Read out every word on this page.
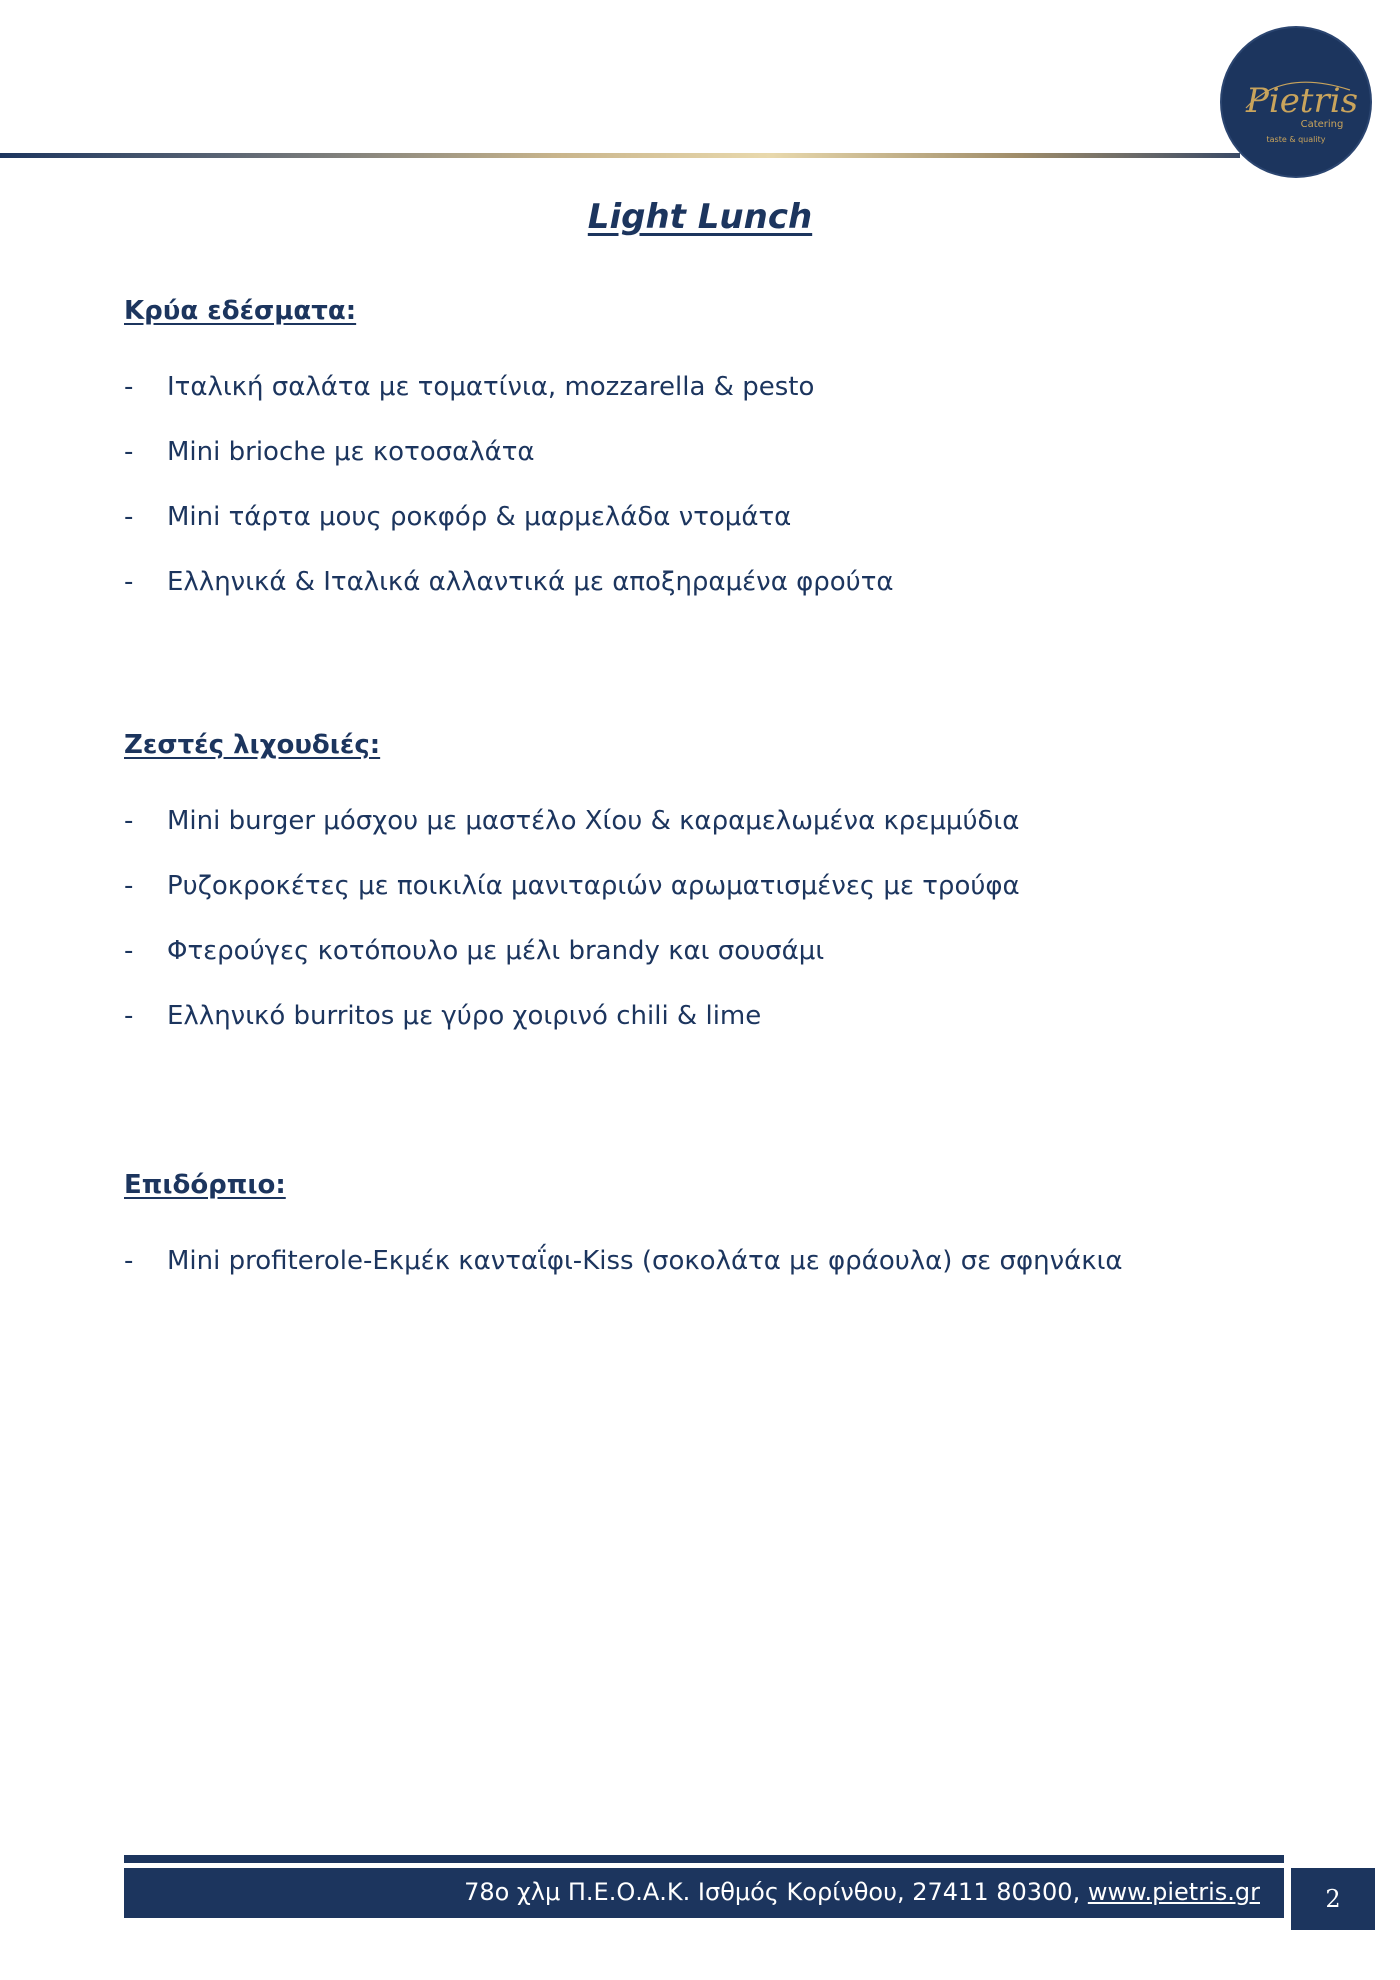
Pietris
Catering
taste & quality
Light Lunch
Κρύα εδέσματα:
- Ιταλική σαλάτα με τοματίνια, mozzarella & pesto
- Mini brioche με κοτοσαλάτα
- Mini τάρτα μους ροκφόρ & μαρμελάδα ντομάτα
- Ελληνικά & Ιταλικά αλλαντικά με αποξηραμένα φρούτα
Ζεστές λιχουδιές:
- Mini burger μόσχου με μαστέλο Χίου & καραμελωμένα κρεμμύδια
- Ρυζοκροκέτες με ποικιλία μανιταριών αρωματισμένες με τρούφα
- Φτερούγες κοτόπουλο με μέλι brandy και σουσάμι
- Ελληνικό burritos με γύρο χοιρινό chili & lime
Επιδόρπιο:
- Mini profiterole-Εκμέκ κανταΐφι-Kiss (σοκολάτα με φράουλα) σε σφηνάκια
78ο χλμ Π.Ε.Ο.Α.Κ. Ισθμός Κορίνθου, 27411 80300, www.pietris.gr	2
